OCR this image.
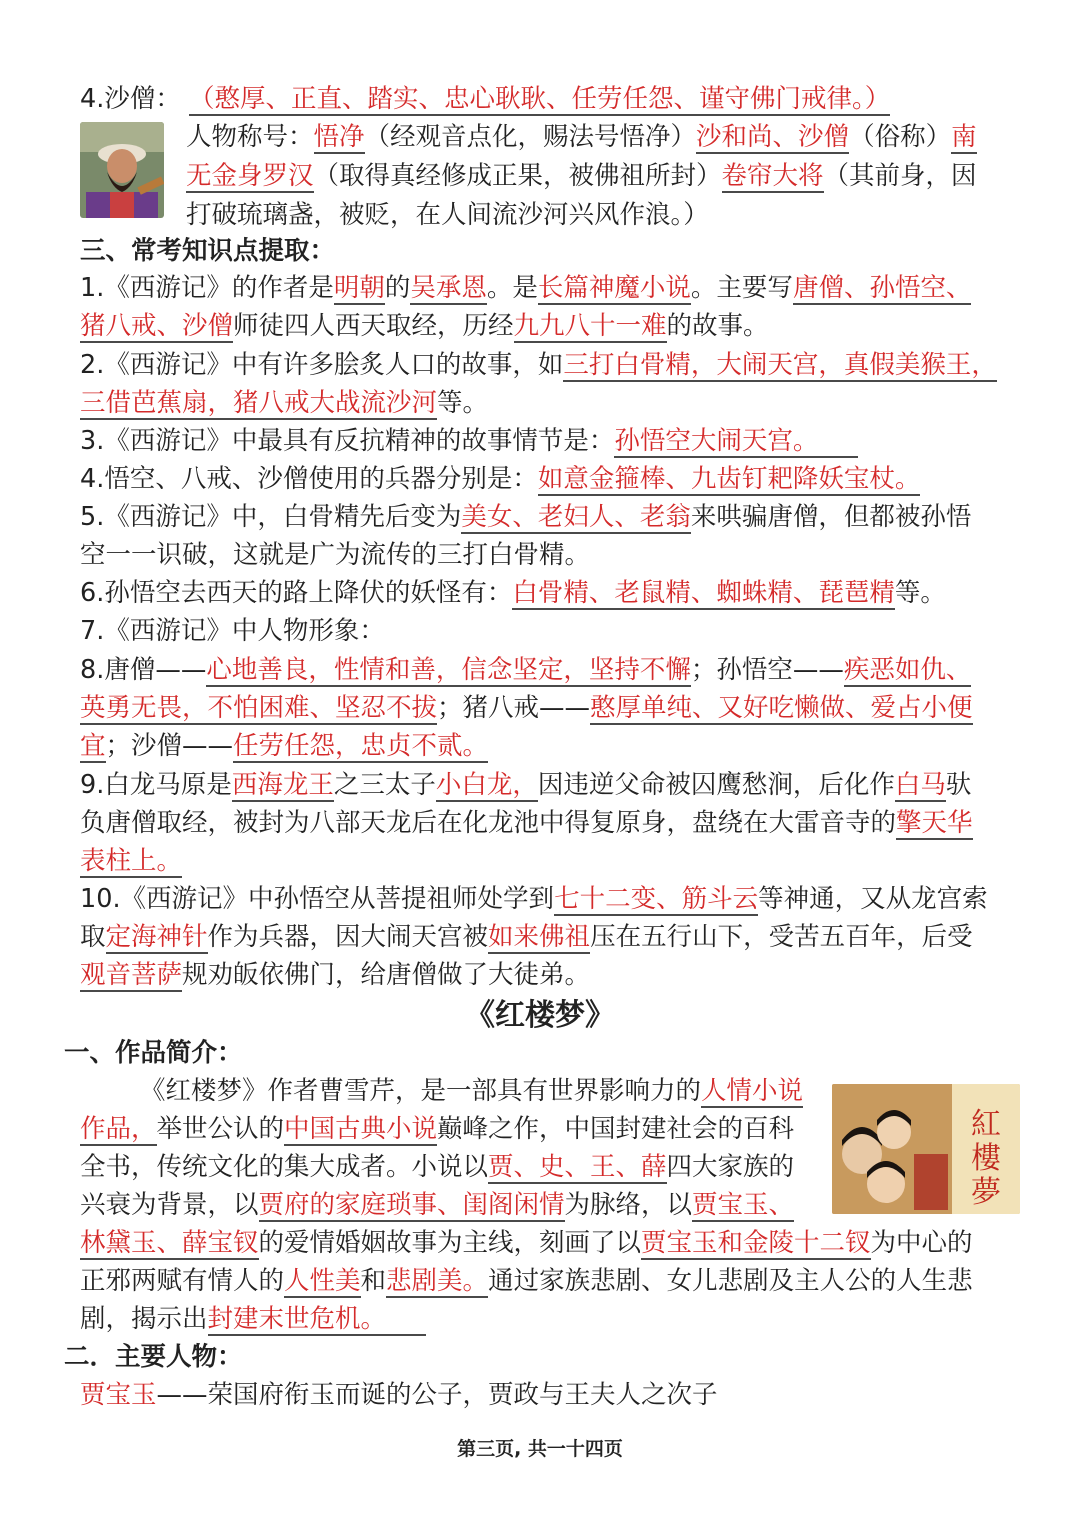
4.沙僧： （憨厚、正直、踏实、忠心耿耿、任劳任怨、谨守佛门戒律。）
人物称号：悟净（经观音点化，赐法号悟净）沙和尚、沙僧（俗称）南
无金身罗汉（取得真经修成正果，被佛祖所封）卷帘大将（其前身，因
打破琉璃盏，被贬，在人间流沙河兴风作浪。）
三、常考知识点提取：
1.《西游记》的作者是明朝的吴承恩。是长篇神魔小说。主要写唐僧、孙悟空、
猪八戒、沙僧师徒四人西天取经，历经九九八十一难的故事。
2.《西游记》中有许多脍炙人口的故事，如三打白骨精，大闹天宫，真假美猴王，
三借芭蕉扇，猪八戒大战流沙河等。
3.《西游记》中最具有反抗精神的故事情节是：孙悟空大闹天宫。
4.悟空、八戒、沙僧使用的兵器分别是：如意金箍棒、九齿钉耙降妖宝杖。
5.《西游记》中，白骨精先后变为美女、老妇人、老翁来哄骗唐僧，但都被孙悟
空一一识破，这就是广为流传的三打白骨精。
6.孙悟空去西天的路上降伏的妖怪有：白骨精、老鼠精、蜘蛛精、琵琶精等。
7.《西游记》中人物形象：
8.唐僧——心地善良，性情和善，信念坚定，坚持不懈；孙悟空——疾恶如仇、
英勇无畏，不怕困难、坚忍不拔；猪八戒——憨厚单纯、又好吃懒做、爱占小便
宜；沙僧——任劳任怨，忠贞不贰。
9.白龙马原是西海龙王之三太子小白龙，因违逆父命被囚鹰愁涧，后化作白马驮
负唐僧取经，被封为八部天龙后在化龙池中得复原身，盘绕在大雷音寺的擎天华
表柱上。
10.《西游记》中孙悟空从菩提祖师处学到七十二变、筋斗云等神通，又从龙宫索
取定海神针作为兵器，因大闹天宫被如来佛祖压在五行山下，受苦五百年，后受
观音菩萨规劝皈依佛门，给唐僧做了大徒弟。
《红楼梦》
一、作品简介：
《红楼梦》作者曹雪芹，是一部具有世界影响力的人情小说
作品，举世公认的中国古典小说巅峰之作，中国封建社会的百科
全书，传统文化的集大成者。小说以贾、史、王、薛四大家族的
兴衰为背景，以贾府的家庭琐事、闺阁闲情为脉络，以贾宝玉、
林黛玉、薛宝钗的爱情婚姻故事为主线，刻画了以贾宝玉和金陵十二钗为中心的
正邪两赋有情人的人性美和悲剧美。通过家族悲剧、女儿悲剧及主人公的人生悲
剧，揭示出封建末世危机。
紅
樓
夢
二．主要人物：
贾宝玉——荣国府衔玉而诞的公子，贾政与王夫人之次子
第三页, 共一十四页
